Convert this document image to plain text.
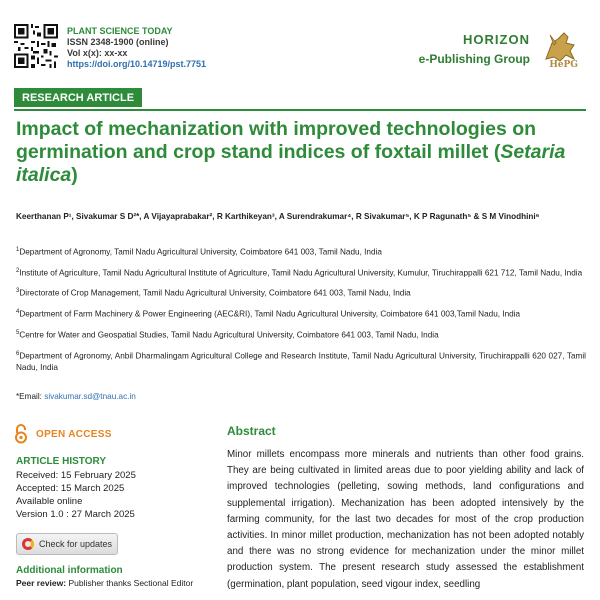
PLANT SCIENCE TODAY
ISSN 2348-1900 (online)
Vol x(x): xx-xx
https://doi.org/10.14719/pst.7751
HORIZON
e-Publishing Group HePG
RESEARCH ARTICLE
Impact of mechanization with improved technologies on germination and crop stand indices of foxtail millet (Setaria italica)
Keerthanan P¹, Sivakumar S D²*, A Vijayaprabakar², R Karthikeyan³, A Surendrakumar⁴, R Sivakumar⁵, K P Ragunath⁵ & S M Vinodhini⁶

$^1$Department of Agronomy, Tamil Nadu Agricultural University, Coimbatore 641 003, Tamil Nadu, India

$^2$Institute of Agriculture, Tamil Nadu Agricultural Institute of Agriculture, Tamil Nadu Agricultural University, Kumulur, Tiruchirappalli 621 712, Tamil Nadu, India

$^3$Directorate of Crop Management, Tamil Nadu Agricultural University, Coimbatore 641 003, Tamil Nadu, India

$^4$Department of Farm Machinery & Power Engineering (AEC&RI), Tamil Nadu Agricultural University, Coimbatore 641 003,Tamil Nadu, India

$^5$Centre for Water and Geospatial Studies, Tamil Nadu Agricultural University, Coimbatore 641 003, Tamil Nadu, India

$^6$Department of Agronomy, Anbil Dharmalingam Agricultural College and Research Institute, Tamil Nadu Agricultural University, Tiruchirappalli 620 027, Tamil Nadu, India

*Email: sivakumar.sd@tnau.ac.in
OPEN ACCESS
ARTICLE HISTORY
Received: 15 February 2025
Accepted: 15 March 2025
Available online
Version 1.0 : 27 March 2025
Check for updates
Additional information
Peer review: Publisher thanks Sectional Editor
Abstract
Minor millets encompass more minerals and nutrients than other food grains. They are being cultivated in limited areas due to poor yielding ability and lack of improved technologies (pelleting, sowing methods, land configurations and supplemental irrigation). Mechanization has been adopted intensively by the farming community, for the last two decades for most of the crop production activities. In minor millet production, mechanization has not been adopted notably and there was no strong evidence for mechanization under the minor millet production system. The present research study assessed the establishment (germination, plant population, seed vigour index, seedling
